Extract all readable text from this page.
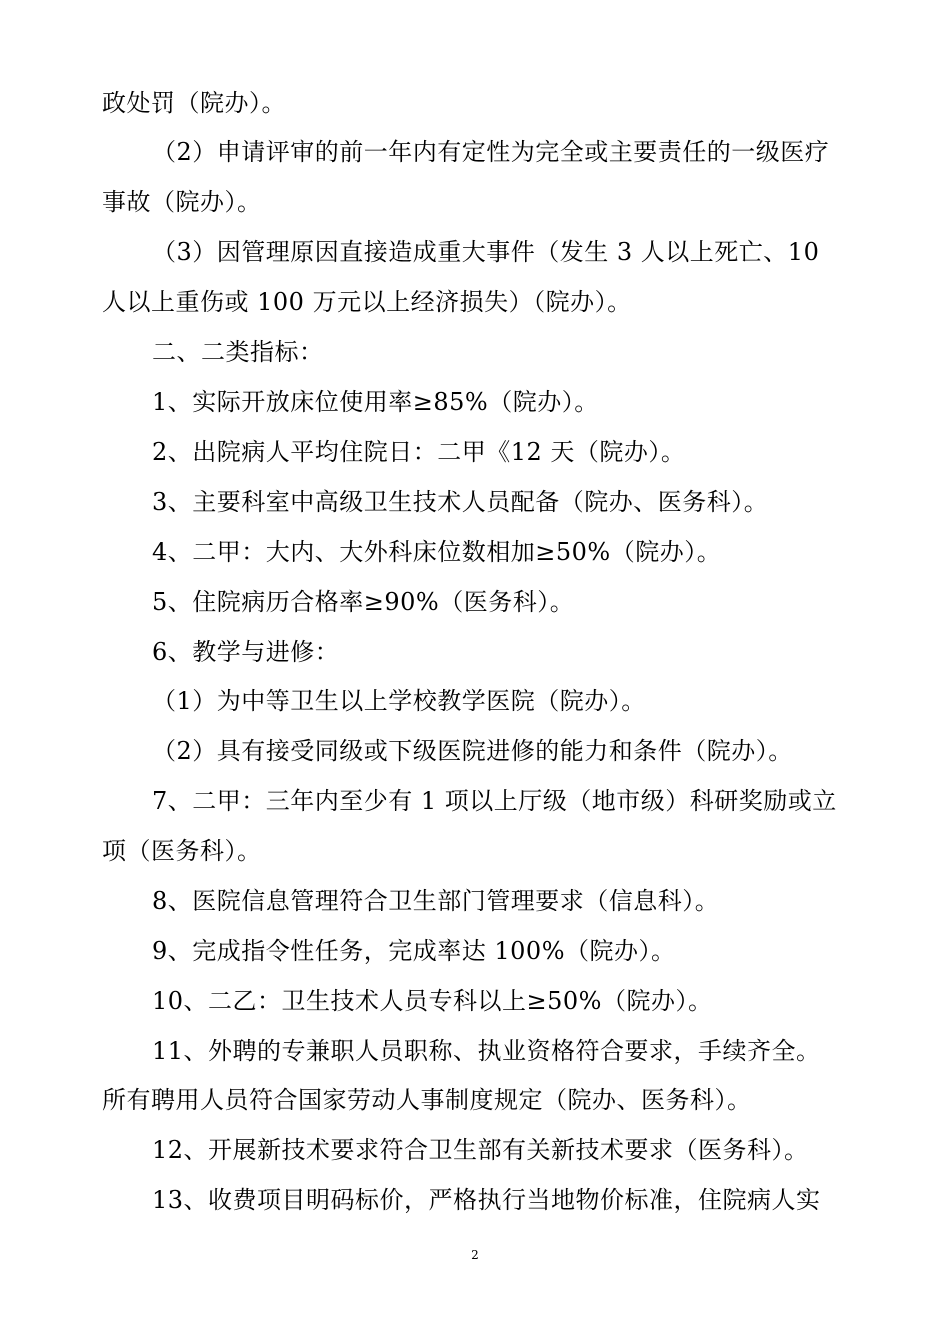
政处罚（院办）。
（2）申请评审的前一年内有定性为完全或主要责任的一级医疗
事故（院办）。
（3）因管理原因直接造成重大事件（发生 3 人以上死亡、10
人以上重伤或 100 万元以上经济损失）（院办）。
二、二类指标：
1、实际开放床位使用率≥85%（院办）。
2、出院病人平均住院日：二甲《12 天（院办）。
3、主要科室中高级卫生技术人员配备（院办、医务科）。
4、二甲：大内、大外科床位数相加≥50%（院办）。
5、住院病历合格率≥90%（医务科）。
6、教学与进修：
（1）为中等卫生以上学校教学医院（院办）。
（2）具有接受同级或下级医院进修的能力和条件（院办）。
7、二甲：三年内至少有 1 项以上厅级（地市级）科研奖励或立
项（医务科）。
8、医院信息管理符合卫生部门管理要求（信息科）。
9、完成指令性任务，完成率达 100%（院办）。
10、二乙：卫生技术人员专科以上≥50%（院办）。
11、外聘的专兼职人员职称、执业资格符合要求，手续齐全。
所有聘用人员符合国家劳动人事制度规定（院办、医务科）。
12、开展新技术要求符合卫生部有关新技术要求（医务科）。
13、收费项目明码标价，严格执行当地物价标准，住院病人实
2
